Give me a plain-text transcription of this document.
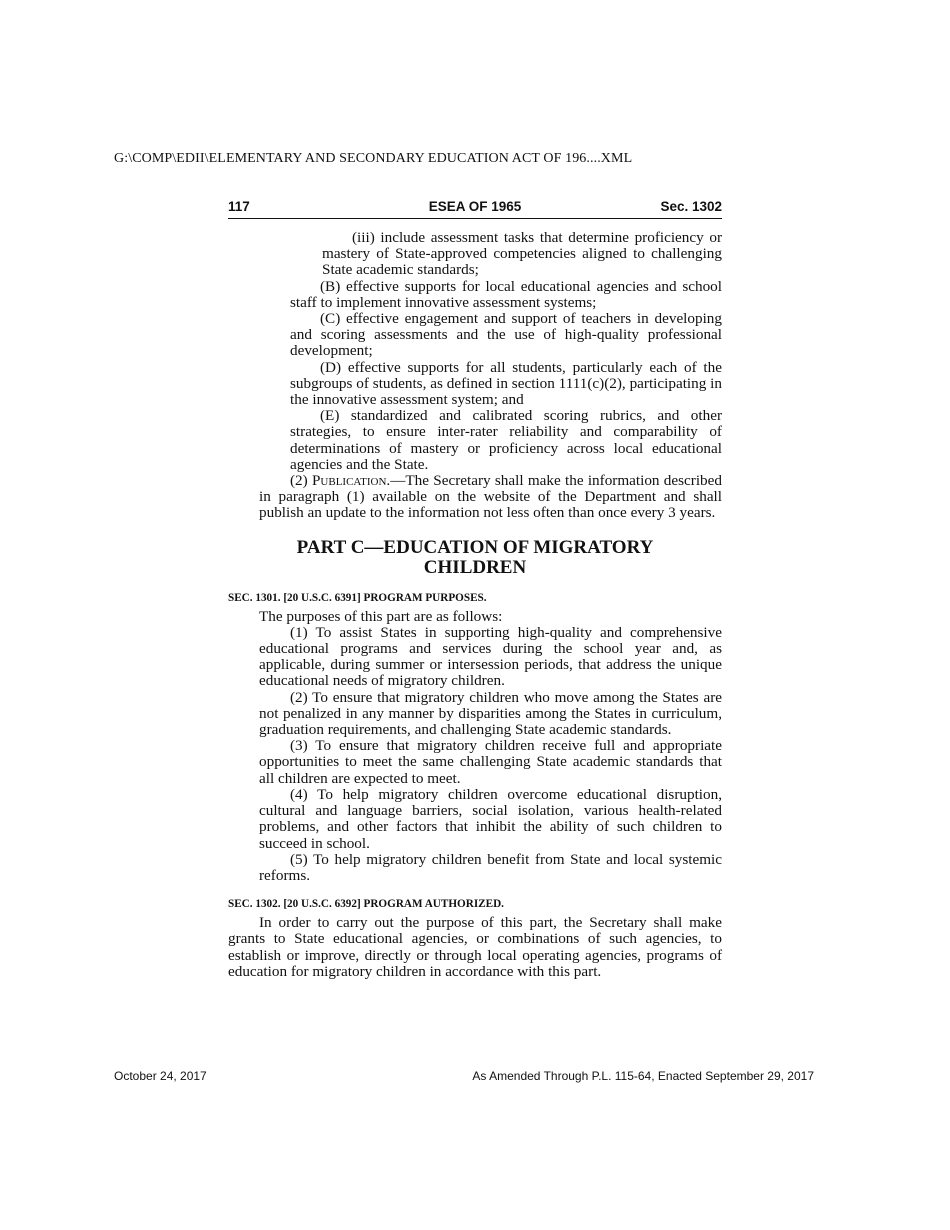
G:\COMP\EDII\ELEMENTARY AND SECONDARY EDUCATION ACT OF 196....XML
ESEA OF 1965
117	Sec. 1302

(iii) include assessment tasks that determine proficiency or mastery of State-approved competencies aligned to challenging State academic standards;

(B) effective supports for local educational agencies and school staff to implement innovative assessment systems;

(C) effective engagement and support of teachers in developing and scoring assessments and the use of high-quality professional development;

(D) effective supports for all students, particularly each of the subgroups of students, as defined in section 1111(c)(2), participating in the innovative assessment system; and

(E) standardized and calibrated scoring rubrics, and other strategies, to ensure inter-rater reliability and comparability of determinations of mastery or proficiency across local educational agencies and the State.

(2) Publication.—The Secretary shall make the information described in paragraph (1) available on the website of the Department and shall publish an update to the information not less often than once every 3 years.

PART C—EDUCATION OF MIGRATORY CHILDREN
SEC. 1301. [20 U.S.C. 6391] PROGRAM PURPOSES.

The purposes of this part are as follows:

(1) To assist States in supporting high-quality and comprehensive educational programs and services during the school year and, as applicable, during summer or intersession periods, that address the unique educational needs of migratory children.

(2) To ensure that migratory children who move among the States are not penalized in any manner by disparities among the States in curriculum, graduation requirements, and challenging State academic standards.

(3) To ensure that migratory children receive full and appropriate opportunities to meet the same challenging State academic standards that all children are expected to meet.

(4) To help migratory children overcome educational disruption, cultural and language barriers, social isolation, various health-related problems, and other factors that inhibit the ability of such children to succeed in school.

(5) To help migratory children benefit from State and local systemic reforms.

SEC. 1302. [20 U.S.C. 6392] PROGRAM AUTHORIZED.

In order to carry out the purpose of this part, the Secretary shall make grants to State educational agencies, or combinations of such agencies, to establish or improve, directly or through local operating agencies, programs of education for migratory children in accordance with this part.

October 24, 2017	As Amended Through P.L. 115-64, Enacted September 29, 2017
